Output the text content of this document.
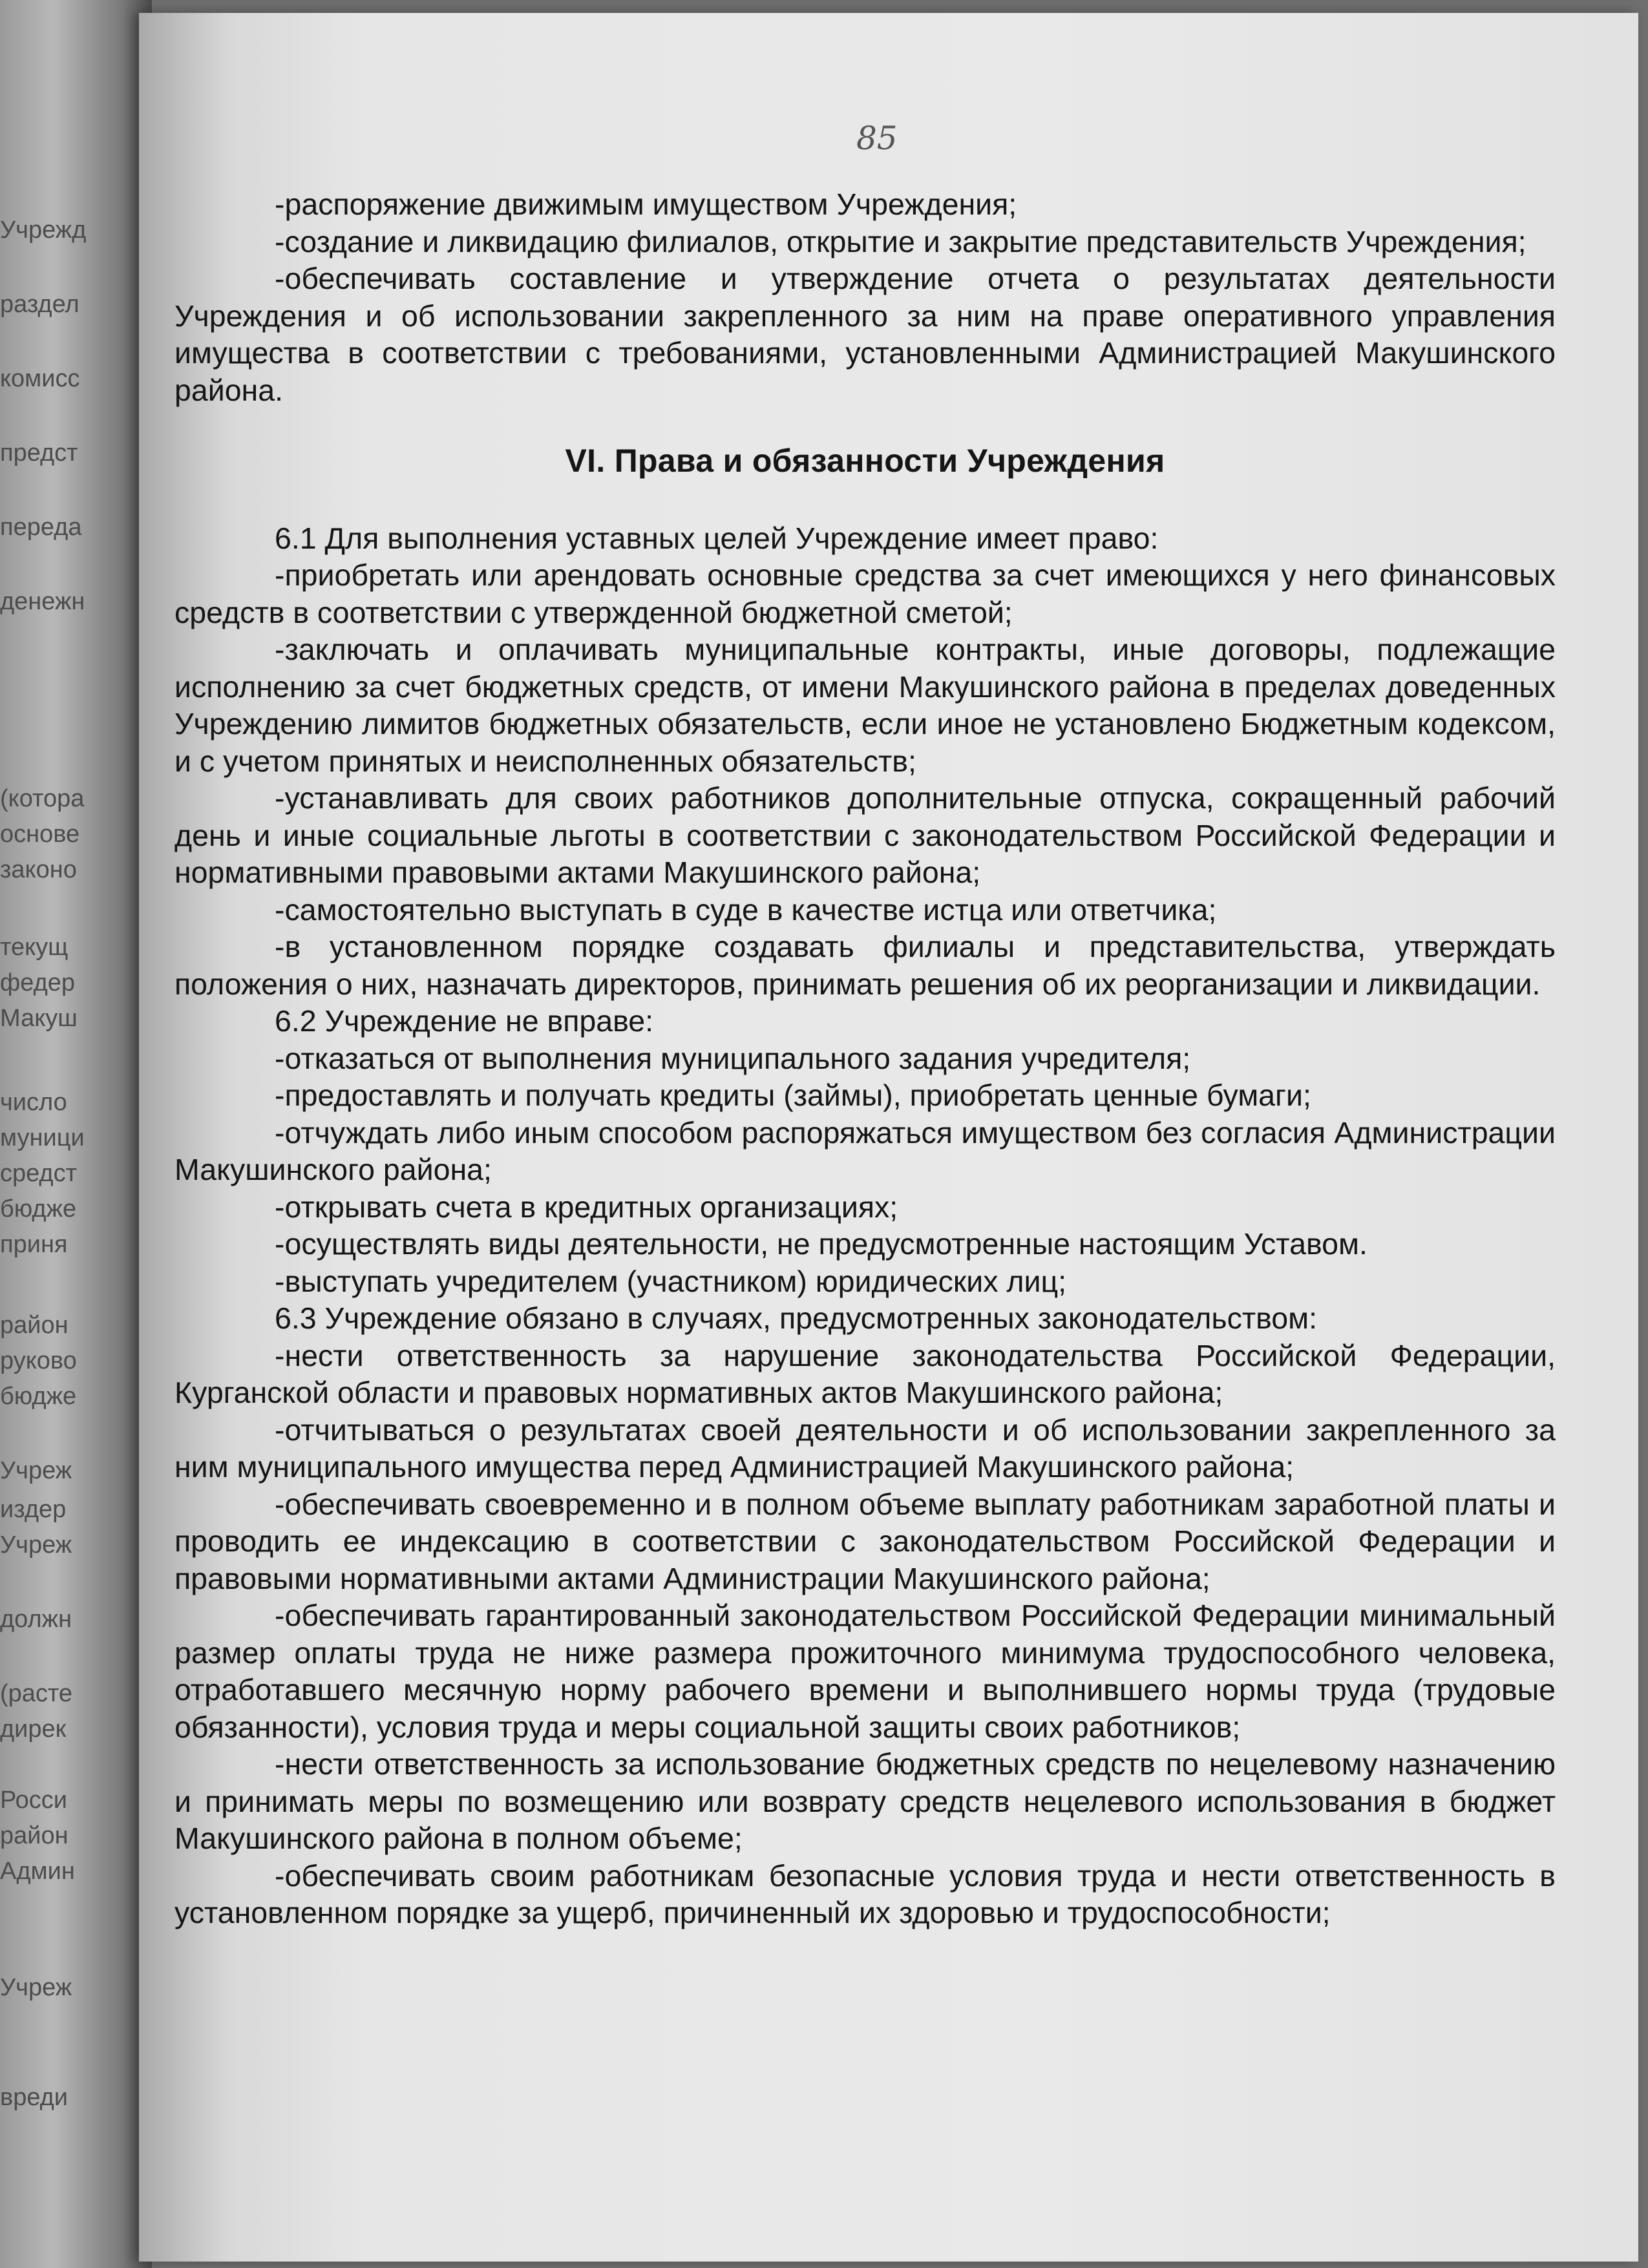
Учрежд
раздел
комисс
предст
переда
денежн
(котора
основе
законо
текущ
федер
Макуш
число
муници
средст
бюдже
приня
район
руково
бюдже
Учреж
издер
Учреж
должн
(расте
дирек
Росси
район
Админ
Учреж
вреди
85

-распоряжение движимым имуществом Учреждения;

-создание и ликвидацию филиалов, открытие и закрытие представительств Учреждения;

-обеспечивать составление и утверждение отчета о результатах деятельности Учреждения и об использовании закрепленного за ним на праве оперативного управления имущества в соответствии с требованиями, установленными Администрацией Макушинского района.

VI. Права и обязанности Учреждения

6.1 Для выполнения уставных целей Учреждение имеет право:

-приобретать или арендовать основные средства за счет имеющихся у него финансовых средств в соответствии с утвержденной бюджетной сметой;

-заключать и оплачивать муниципальные контракты, иные договоры, подлежащие исполнению за счет бюджетных средств, от имени Макушинского района в пределах доведенных Учреждению лимитов бюджетных обязательств, если иное не установлено Бюджетным кодексом, и с учетом принятых и неисполненных обязательств;

-устанавливать для своих работников дополнительные отпуска, сокращенный рабочий день и иные социальные льготы в соответствии с законодательством Российской Федерации и нормативными правовыми актами Макушинского района;

-самостоятельно выступать в суде в качестве истца или ответчика;

-в установленном порядке создавать филиалы и представительства, утверждать положения о них, назначать директоров, принимать решения об их реорганизации и ликвидации.

6.2 Учреждение не вправе:

-отказаться от выполнения муниципального задания учредителя;

-предоставлять и получать кредиты (займы), приобретать ценные бумаги;

-отчуждать либо иным способом распоряжаться имуществом без согласия Администрации Макушинского района;

-открывать счета в кредитных организациях;

-осуществлять виды деятельности, не предусмотренные настоящим Уставом.

-выступать учредителем (участником) юридических лиц;

6.3 Учреждение обязано в случаях, предусмотренных законодательством:

-нести ответственность за нарушение законодательства Российской Федерации, Курганской области и правовых нормативных актов Макушинского района;

-отчитываться о результатах своей деятельности и об использовании закрепленного за ним муниципального имущества перед Администрацией Макушинского района;

-обеспечивать своевременно и в полном объеме выплату работникам заработной платы и проводить ее индексацию в соответствии с законодательством Российской Федерации и правовыми нормативными актами Администрации Макушинского района;

-обеспечивать гарантированный законодательством Российской Федерации минимальный размер оплаты труда не ниже размера прожиточного минимума трудоспособного человека, отработавшего месячную норму рабочего времени и выполнившего нормы труда (трудовые обязанности), условия труда и меры социальной защиты своих работников;

-нести ответственность за использование бюджетных средств по нецелевому назначению и принимать меры по возмещению или возврату средств нецелевого использования в бюджет Макушинского района в полном объеме;

-обеспечивать своим работникам безопасные условия труда и нести ответственность в установленном порядке за ущерб, причиненный их здоровью и трудоспособности;
